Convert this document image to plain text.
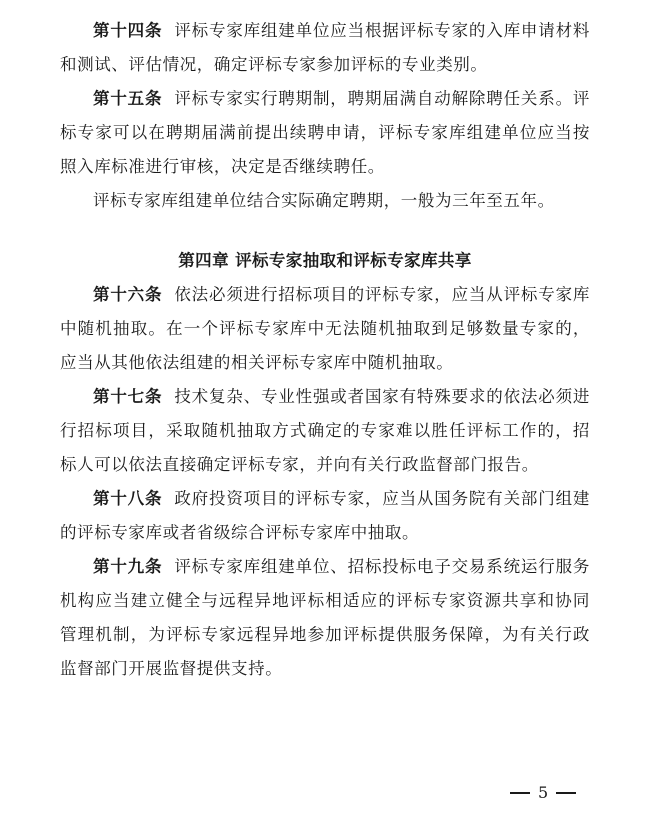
第十四条 评标专家库组建单位应当根据评标专家的入库申请材料和测试、评估情况，确定评标专家参加评标的专业类别。

第十五条 评标专家实行聘期制，聘期届满自动解除聘任关系。评标专家可以在聘期届满前提出续聘申请，评标专家库组建单位应当按照入库标准进行审核，决定是否继续聘任。

评标专家库组建单位结合实际确定聘期，一般为三年至五年。

第四章 评标专家抽取和评标专家库共享

第十六条 依法必须进行招标项目的评标专家，应当从评标专家库中随机抽取。在一个评标专家库中无法随机抽取到足够数量专家的，应当从其他依法组建的相关评标专家库中随机抽取。

第十七条 技术复杂、专业性强或者国家有特殊要求的依法必须进行招标项目，采取随机抽取方式确定的专家难以胜任评标工作的，招标人可以依法直接确定评标专家，并向有关行政监督部门报告。

第十八条 政府投资项目的评标专家，应当从国务院有关部门组建的评标专家库或者省级综合评标专家库中抽取。

第十九条 评标专家库组建单位、招标投标电子交易系统运行服务机构应当建立健全与远程异地评标相适应的评标专家资源共享和协同管理机制，为评标专家远程异地参加评标提供服务保障，为有关行政监督部门开展监督提供支持。

5
